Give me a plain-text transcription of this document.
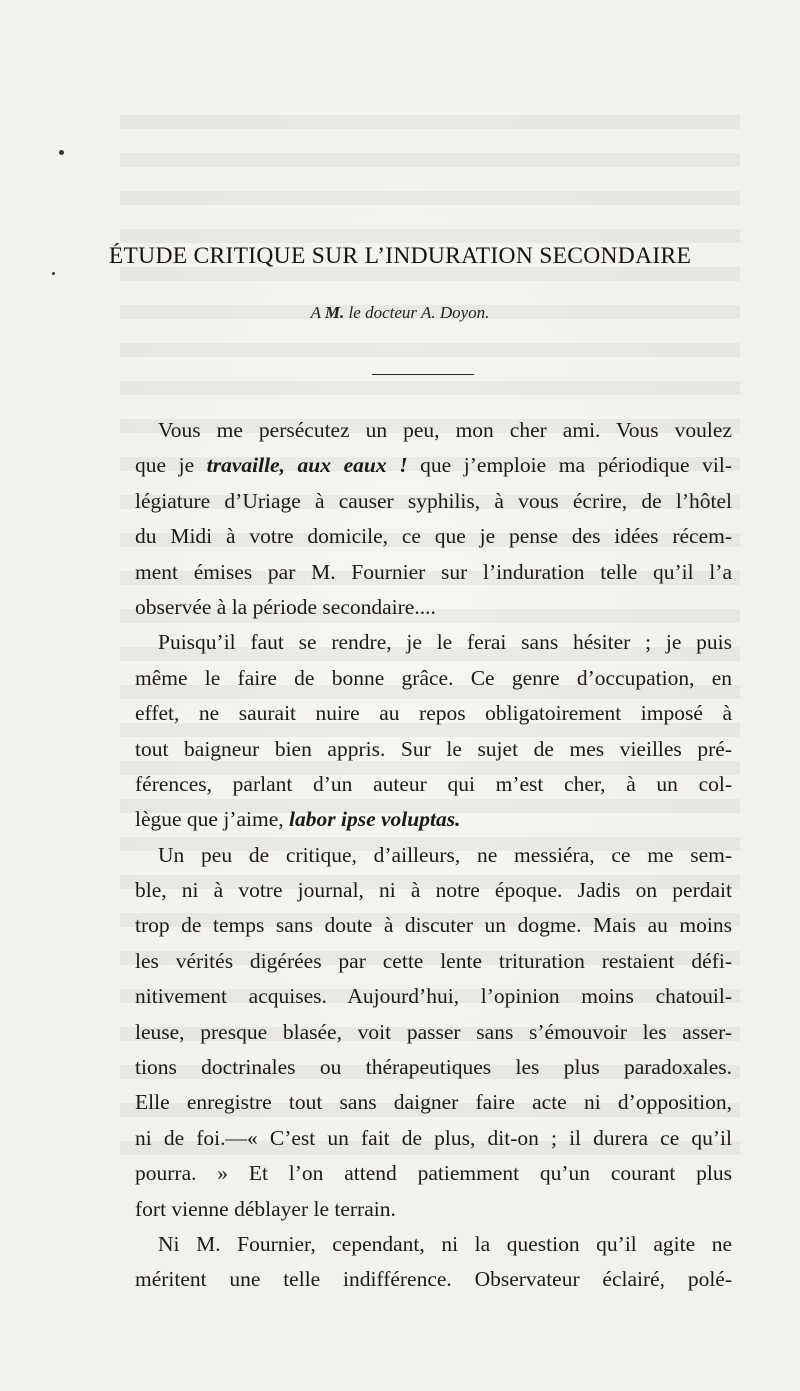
ÉTUDE CRITIQUE SUR L’INDURATION SECONDAIRE
A M. le docteur A. Doyon.
Vous me persécutez un peu, mon cher ami. Vous voulez
que je travaille, aux eaux ! que j’emploie ma périodique vil-
légiature d’Uriage à causer syphilis, à vous écrire, de l’hôtel
du Midi à votre domicile, ce que je pense des idées récem-
ment émises par M. Fournier sur l’induration telle qu’il l’a
observée à la période secondaire....
Puisqu’il faut se rendre, je le ferai sans hésiter ; je puis
même le faire de bonne grâce. Ce genre d’occupation, en
effet, ne saurait nuire au repos obligatoirement imposé à
tout baigneur bien appris. Sur le sujet de mes vieilles pré-
férences, parlant d’un auteur qui m’est cher, à un col-
lègue que j’aime, labor ipse voluptas.
Un peu de critique, d’ailleurs, ne messiéra, ce me sem-
ble, ni à votre journal, ni à notre époque. Jadis on perdait
trop de temps sans doute à discuter un dogme. Mais au moins
les vérités digérées par cette lente trituration restaient défi-
nitivement acquises. Aujourd’hui, l’opinion moins chatouil-
leuse, presque blasée, voit passer sans s’émouvoir les asser-
tions doctrinales ou thérapeutiques les plus paradoxales.
Elle enregistre tout sans daigner faire acte ni d’opposition,
ni de foi.—« C’est un fait de plus, dit-on ; il durera ce qu’il
pourra. » Et l’on attend patiemment qu’un courant plus
fort vienne déblayer le terrain.
Ni M. Fournier, cependant, ni la question qu’il agite ne
méritent une telle indifférence. Observateur éclairé, polé-
